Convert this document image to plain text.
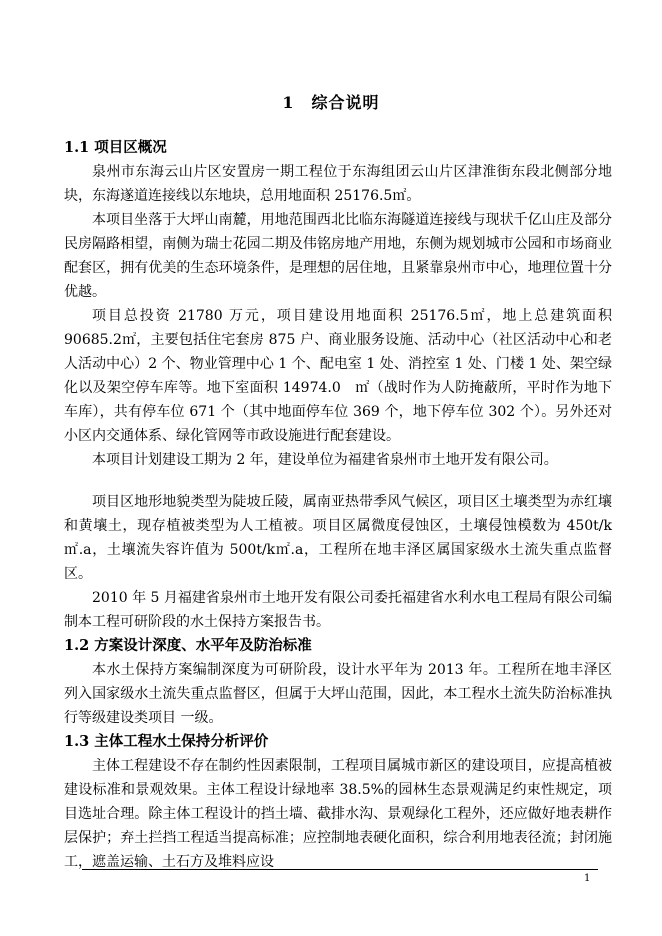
1　综合说明
1.1 项目区概况

泉州市东海云山片区安置房一期工程位于东海组团云山片区津淮街东段北侧部分地块，东海遂道连接线以东地块，总用地面积 25176.5㎡。

本项目坐落于大坪山南麓，用地范围西北比临东海隧道连接线与现状千亿山庄及部分民房隔路相望，南侧为瑞士花园二期及伟铭房地产用地，东侧为规划城市公园和市场商业配套区，拥有优美的生态环境条件，是理想的居住地，且紧靠泉州市中心，地理位置十分优越。

项目总投资 21780 万元，项目建设用地面积 25176.5㎡，地上总建筑面积 90685.2㎡，主要包括住宅套房 875 户、商业服务设施、活动中心（社区活动中心和老人活动中心）2 个、物业管理中心 1 个、配电室 1 处、消控室 1 处、门楼 1 处、架空绿化以及架空停车库等。地下室面积 14974.0　㎡（战时作为人防掩蔽所，平时作为地下车库），共有停车位 671 个（其中地面停车位 369 个，地下停车位 302 个）。另外还对小区内交通体系、绿化管网等市政设施进行配套建设。

本项目计划建设工期为 2 年，建设单位为福建省泉州市土地开发有限公司。

项目区地形地貌类型为陡坡丘陵，属南亚热带季风气候区，项目区土壤类型为赤红壤和黄壤土，现存植被类型为人工植被。项目区属微度侵蚀区，土壤侵蚀模数为 450t/k㎡.a，土壤流失容许值为 500t/k㎡.a，工程所在地丰泽区属国家级水土流失重点监督区。

2010 年 5 月福建省泉州市土地开发有限公司委托福建省水利水电工程局有限公司编制本工程可研阶段的水土保持方案报告书。

1.2 方案设计深度、水平年及防治标准

本水土保持方案编制深度为可研阶段，设计水平年为 2013 年。工程所在地丰泽区列入国家级水土流失重点监督区，但属于大坪山范围，因此，本工程水土流失防治标准执行等级建设类项目 一级。

1.3 主体工程水土保持分析评价

主体工程建设不存在制约性因素限制，工程项目属城市新区的建设项目，应提高植被建设标准和景观效果。主体工程设计绿地率 38.5%的园林生态景观满足约束性规定，项目选址合理。除主体工程设计的挡土墙、截排水沟、景观绿化工程外，还应做好地表耕作层保护；弃土拦挡工程适当提高标准；应控制地表硬化面积，综合利用地表径流；封闭施工，遮盖运输、土石方及堆料应设

1
